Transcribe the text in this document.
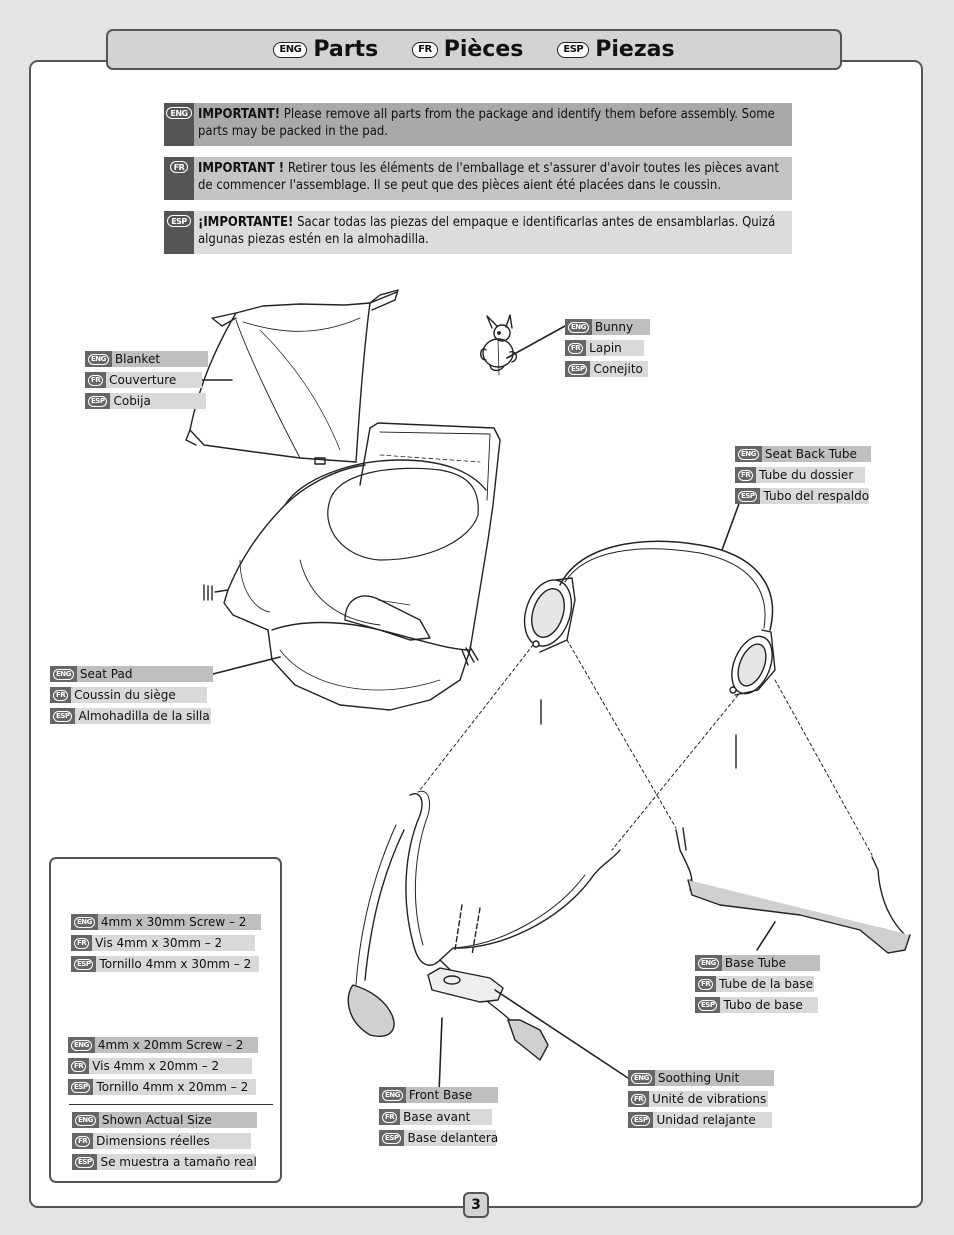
ENG Parts	FR Pièces	ESP Piezas
ENG IMPORTANT! Please remove all parts from the package and identify them before assembly. Some parts may be packed in the pad.
FR	IMPORTANT ! Retirer tous les éléments de l'emballage et s'assurer d'avoir toutes les pièces avant de commencer l'assemblage. Il se peut que des pièces aient été placées dans le coussin.
ESP ¡IMPORTANTE! Sacar todas las piezas del empaque e identificarlas antes de ensamblarlas. Quizá algunas piezas estén en la almohadilla.
ENG Blanket
FR Couverture
ESP Cobija
ENG Bunny
FR Lapin
ESP Conejito
ENG Seat Back Tube
FR Tube du dossier
ESP Tubo del respaldo
ENG Seat Pad
FR Coussin du siège
ESP Almohadilla de la silla
ENG Base Tube
FR Tube de la base
ESP Tubo de base
ENG Soothing Unit
FR Unité de vibrations
ESP Unidad relajante
ENG Front Base
FR Base avant
ESP Base delantera
ENG 4mm x 30mm Screw – 2
FR Vis 4mm x 30mm – 2
ESP Tornillo 4mm x 30mm – 2
ENG 4mm x 20mm Screw – 2
FR Vis 4mm x 20mm – 2
ESP Tornillo 4mm x 20mm – 2
ENG Shown Actual Size
FR Dimensions réelles
ESP Se muestra a tamaño real
3
